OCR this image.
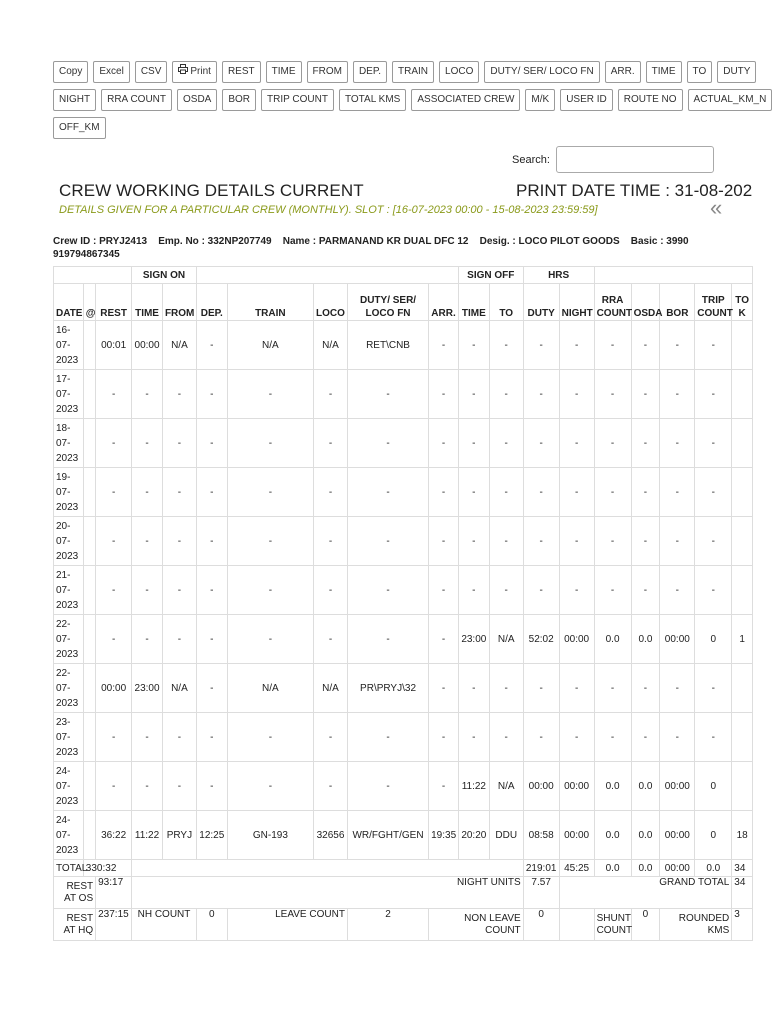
Copy	Excel	CSV	Print	REST	TIME	FROM	DEP.	TRAIN	LOCO	DUTY/ SER/ LOCO FN	ARR.	TIME	TO	DUTY
NIGHT	RRA COUNT	OSDA	BOR	TRIP COUNT	TOTAL KMS	ASSOCIATED CREW	M/K	USER ID	ROUTE NO	ACTUAL_KM_N
OFF_KM
Search:
CREW WORKING DETAILS CURRENT	PRINT DATE TIME : 31-08-202
«
DETAILS GIVEN FOR A PARTICULAR CREW (MONTHLY). SLOT : [16-07-2023 00:00 - 15-08-2023 23:59:59]
Crew ID : PRYJ2413    Emp. No : 332NP207749    Name : PARMANAND KR DUAL DFC 12    Desig. : LOCO PILOT GOODS    Basic : 3990
919794867345
			SIGN ON							SIGN OFF		HRS						
DATE	@	REST	TIME	FROM	DEP.	TRAIN	LOCO	DUTY/ SER/ LOCO FN	ARR.	TIME	TO	DUTY	NIGHT	RRA COUNT	OSDA	BOR	TRIP COUNT	TO K
16-07-2023		00:01	00:00	N/A	-	N/A	N/A	RET\CNB	-	-	-	-	-	-	-	-	-	
17-07-2023		-	-	-	-	-	-	-	-	-	-	-	-	-	-	-	-	
18-07-2023		-	-	-	-	-	-	-	-	-	-	-	-	-	-	-	-	
19-07-2023		-	-	-	-	-	-	-	-	-	-	-	-	-	-	-	-	
20-07-2023		-	-	-	-	-	-	-	-	-	-	-	-	-	-	-	-	
21-07-2023		-	-	-	-	-	-	-	-	-	-	-	-	-	-	-	-	
22-07-2023		-	-	-	-	-	-	-	-	23:00	N/A	52:02	00:00	0.0	0.0	00:00	0	1
22-07-2023		00:00	23:00	N/A	-	N/A	N/A	PR\PRYJ\32	-	-	-	-	-	-	-	-	-	
23-07-2023		-	-	-	-	-	-	-	-	-	-	-	-	-	-	-	-	
24-07-2023		-	-	-	-	-	-	-	-	11:22	N/A	00:00	00:00	0.0	0.0	00:00	0	
24-07-2023		36:22	11:22	PRYJ	12:25	GN-193	32656	WR/FGHT/GEN	19:35	20:20	DDU	08:58	00:00	0.0	0.0	00:00	0	18
TOTAL	330:32											219:01	45:25	0.0	0.0	00:00	0.0	34
REST AT OS		93:17	NIGHT UNITS									7.57	GRAND TOTAL					34
REST AT HQ		237:15	NH COUNT		0	LEAVE COUNT		2	NON LEAVE COUNT			0		SHUNT COUNT	0	ROUNDED KMS		3
